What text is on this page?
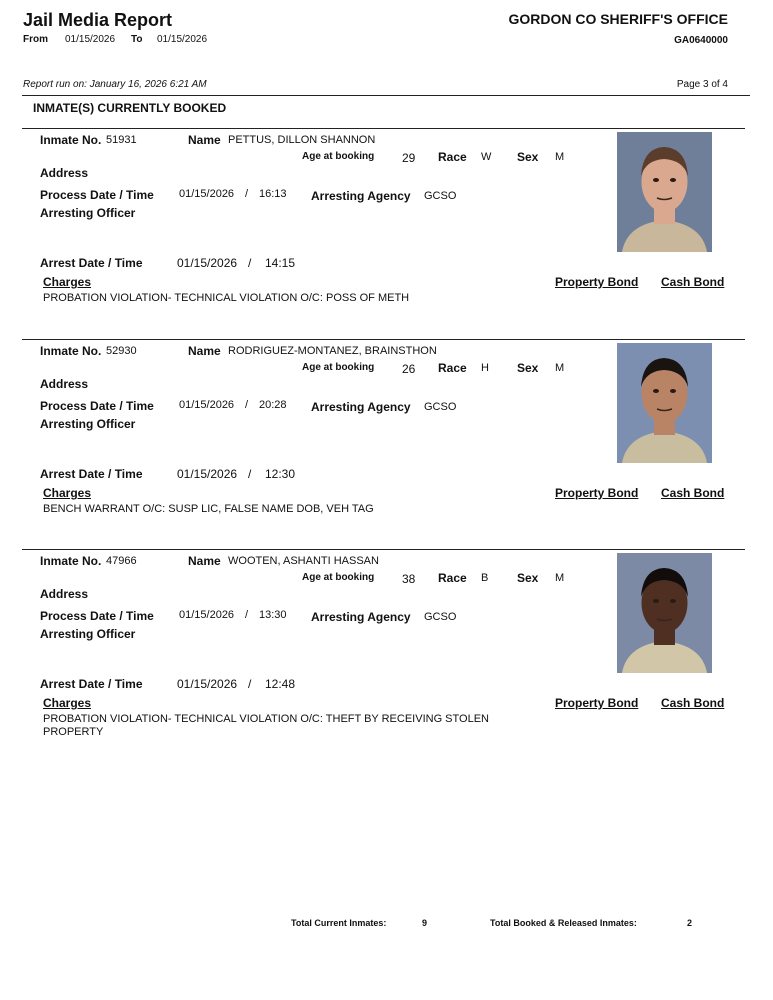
Jail Media Report	GORDON CO SHERIFF'S OFFICE
From 01/15/2026 To 01/15/2026	GA0640000
Report run on: January 16, 2026 6:21 AM	Page 3 of 4
INMATE(S) CURRENTLY BOOKED
Inmate No. 51931	Name PETTUS, DILLON SHANNON
Age at booking 29 Race W Sex M
Address
Process Date / Time 01/15/2026 / 16:13 Arresting Agency GCSO
Arresting Officer
Arrest Date / Time	01/15/2026 / 14:15
Charges	Property Bond Cash Bond
PROBATION VIOLATION- TECHNICAL VIOLATION O/C: POSS OF METH
Inmate No. 52930	Name RODRIGUEZ-MONTANEZ, BRAINSTHON
Age at booking 26 Race H Sex M
Address
Process Date / Time 01/15/2026 / 20:28 Arresting Agency GCSO
Arresting Officer
Arrest Date / Time	01/15/2026 / 12:30
Charges	Property Bond Cash Bond
BENCH WARRANT O/C: SUSP LIC, FALSE NAME DOB, VEH TAG
Inmate No. 47966	Name WOOTEN, ASHANTI HASSAN
Age at booking 38 Race B Sex M
Address
Process Date / Time 01/15/2026 / 13:30 Arresting Agency GCSO
Arresting Officer
Arrest Date / Time	01/15/2026 / 12:48
Charges	Property Bond Cash Bond
PROBATION VIOLATION- TECHNICAL VIOLATION O/C: THEFT BY RECEIVING STOLEN PROPERTY
Total Current Inmates:	9	Total Booked & Released Inmates:	2
